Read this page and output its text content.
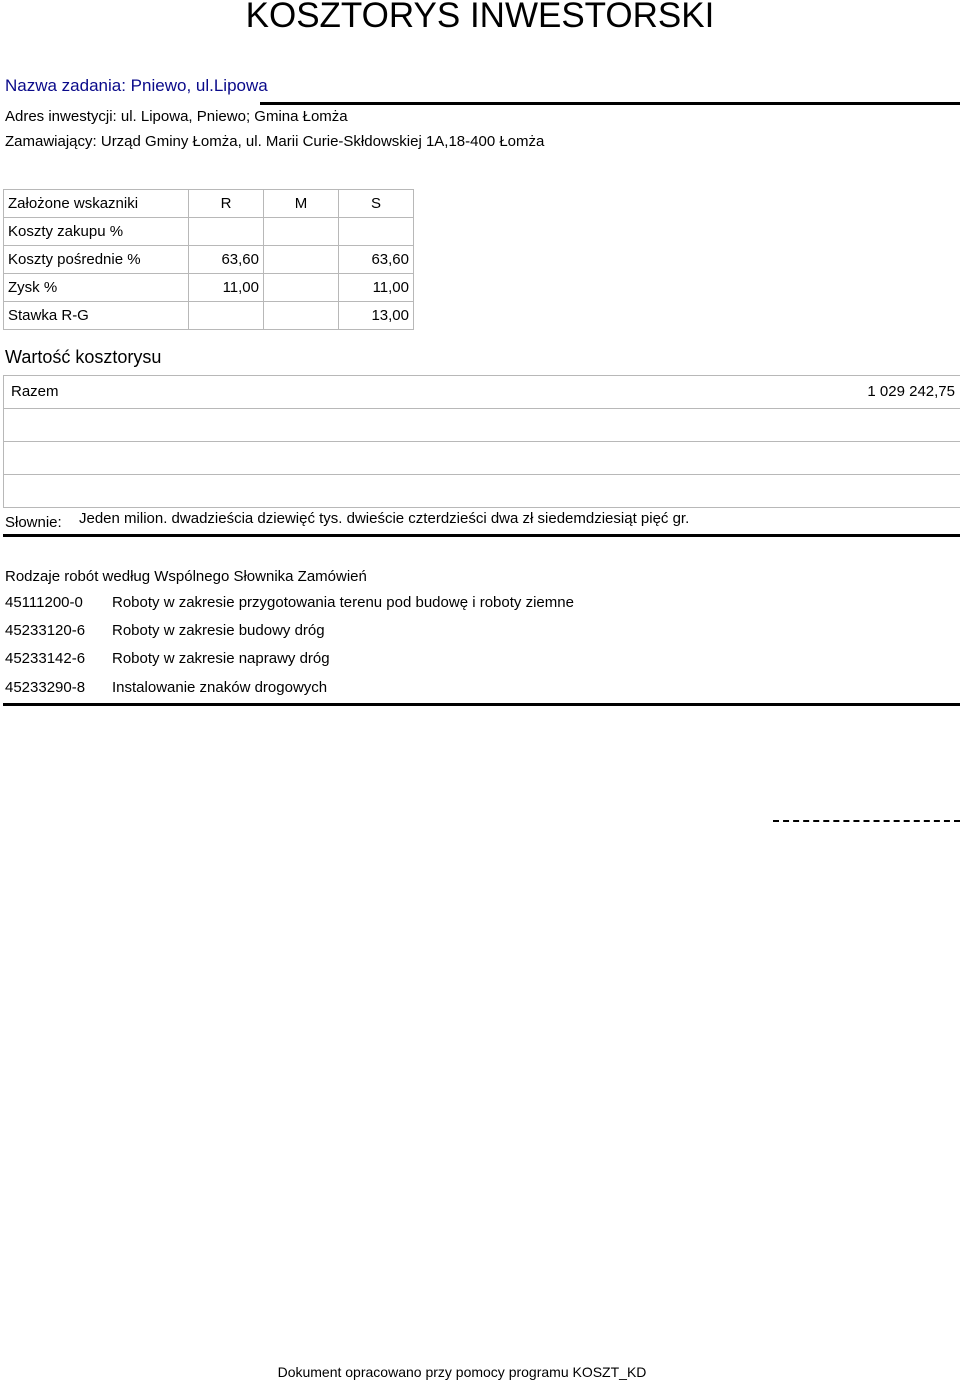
KOSZTORYS INWESTORSKI
Nazwa zadania: Pniewo, ul.Lipowa
Adres inwestycji: ul. Lipowa, Pniewo; Gmina Łomża
Zamawiający: Urząd Gminy Łomża, ul. Marii Curie-Skłdowskiej 1A,18-400 Łomża
Założone wskazniki	R	M	S
Koszty zakupu %			
Koszty pośrednie %	63,60		63,60
Zysk %	11,00		11,00
Stawka R-G			13,00
Wartość kosztorysu
Razem	1 029 242,75
Słownie: Jeden milion. dwadzieścia dziewięć tys. dwieście czterdzieści dwa zł siedemdziesiąt pięć gr.
Rodzaje robót według Wspólnego Słownika Zamówień
45111200-0 Roboty w zakresie przygotowania terenu pod budowę i roboty ziemne
45233120-6 Roboty w zakresie budowy dróg
45233142-6 Roboty w zakresie naprawy dróg
45233290-8 Instalowanie znaków drogowych
Dokument opracowano przy pomocy programu KOSZT_KD
